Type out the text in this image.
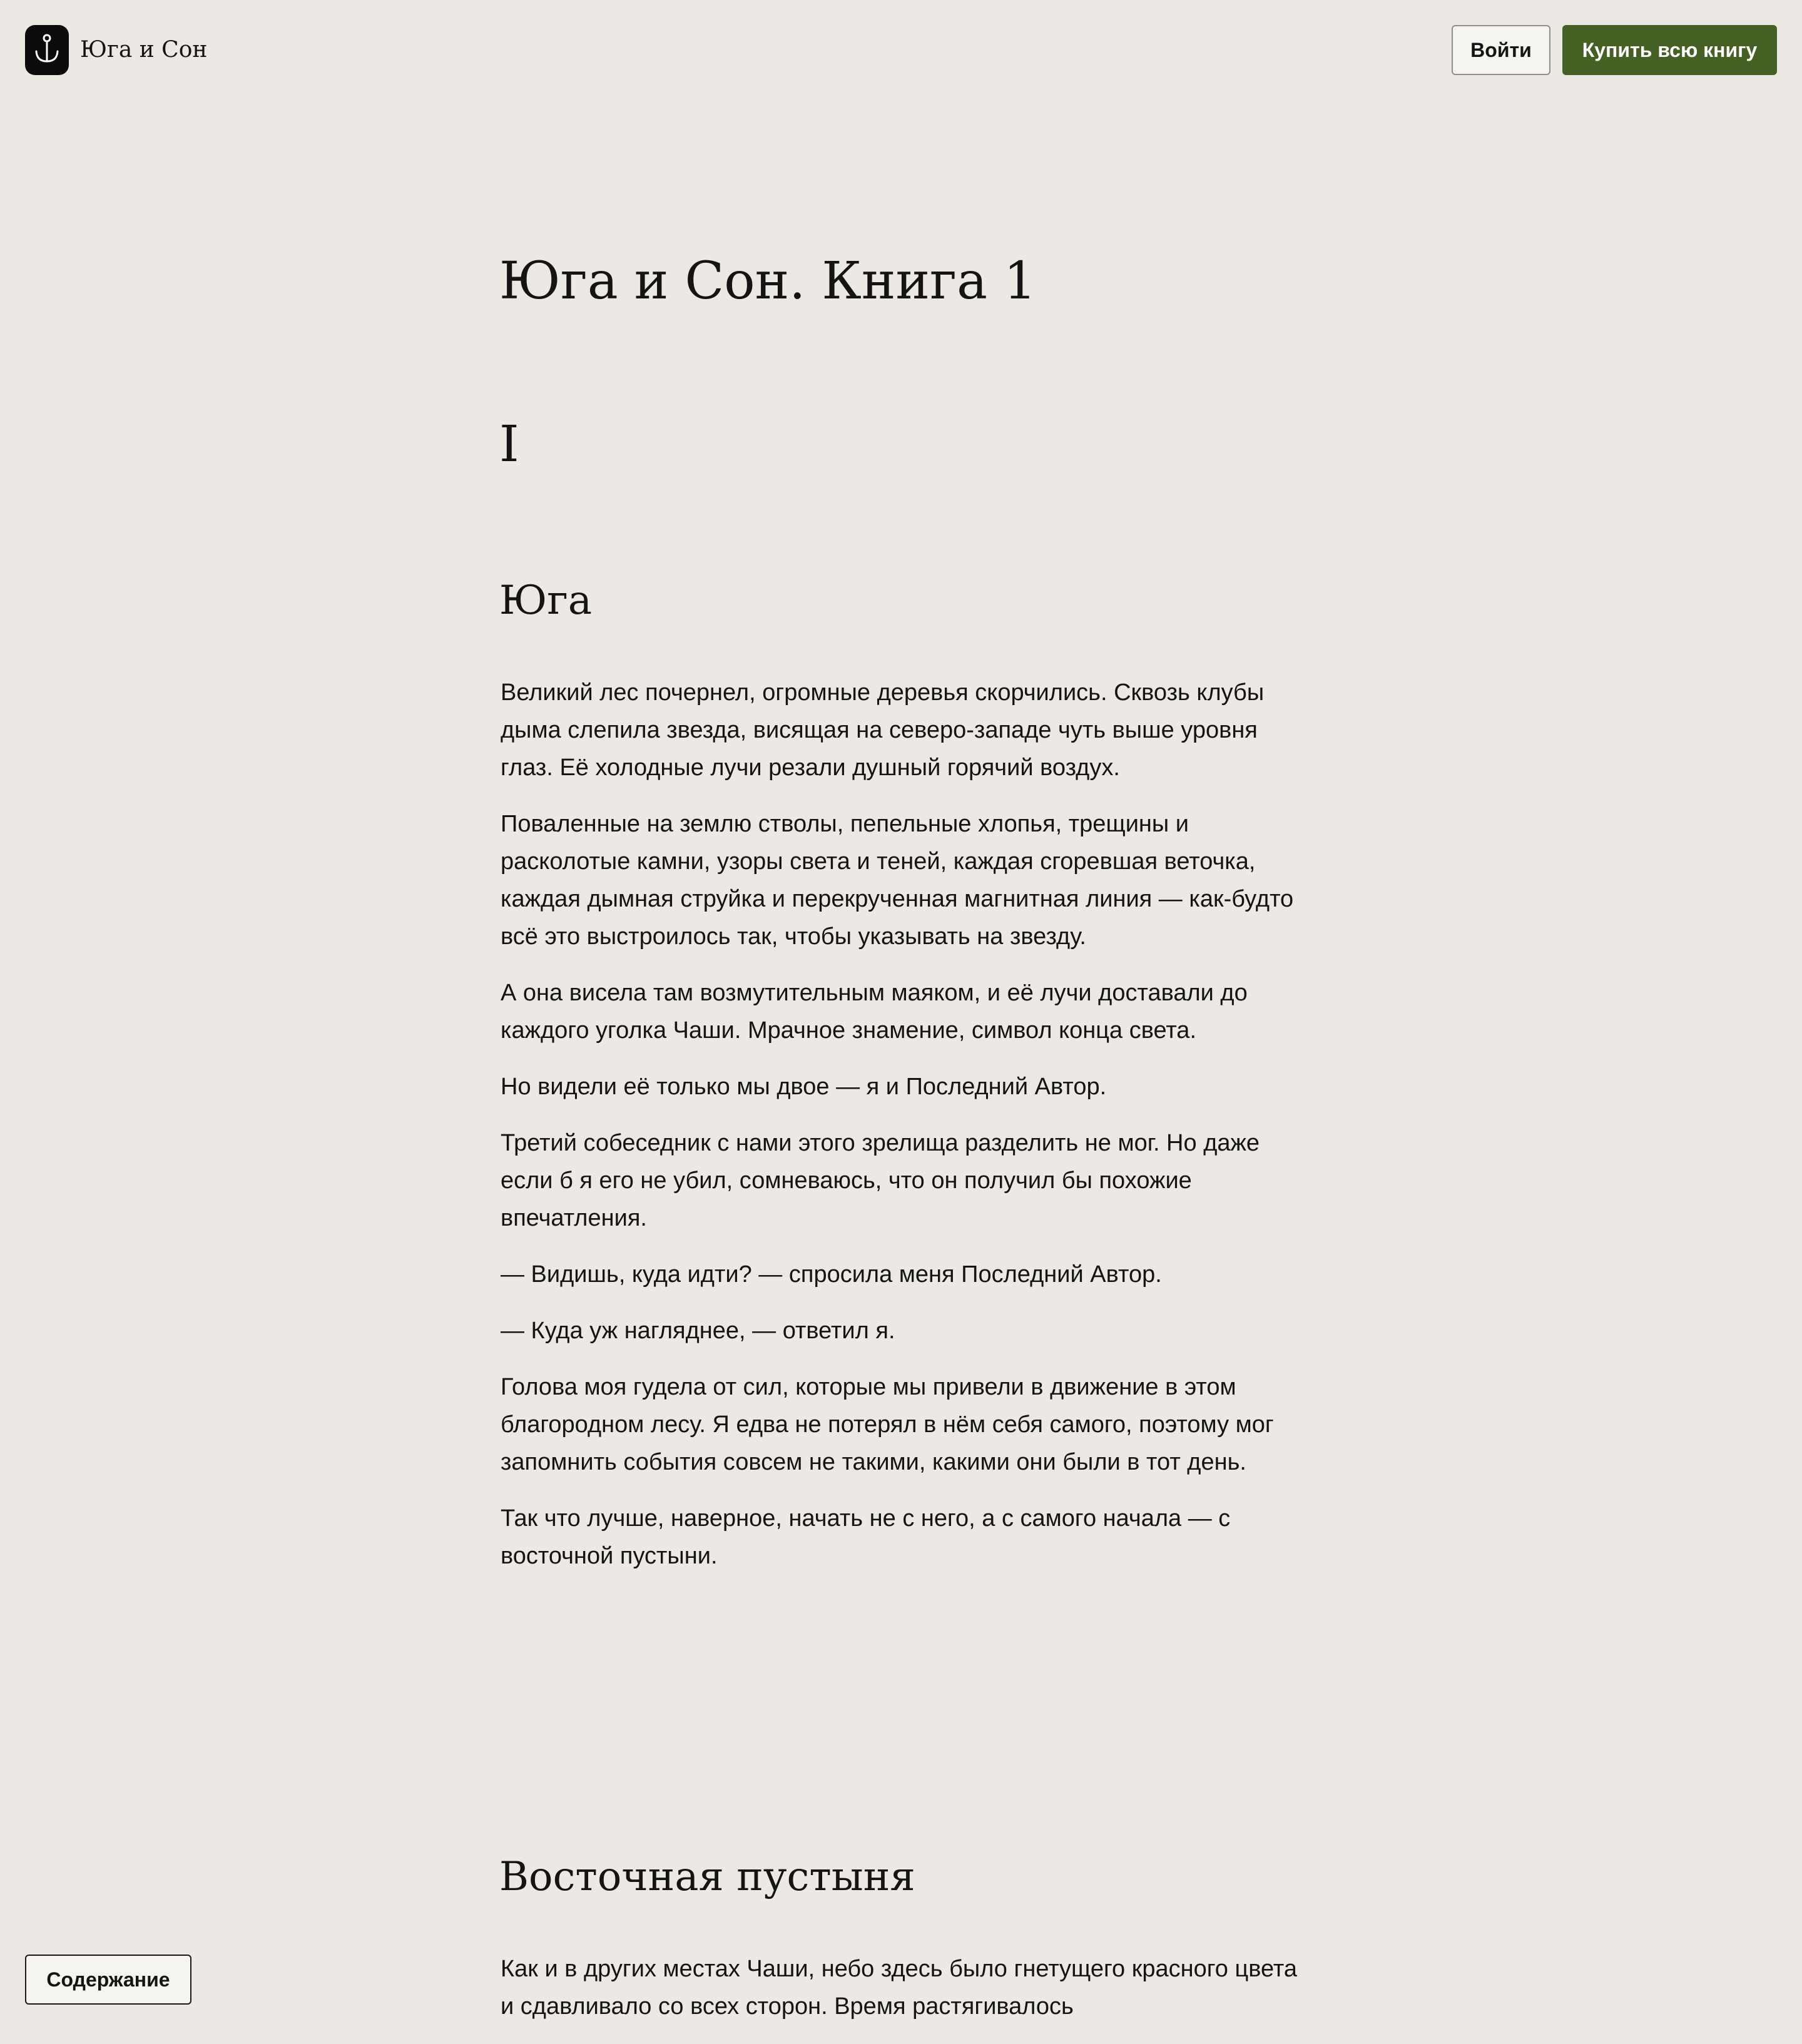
Юга и Сон	Войти	Купить всю книгу
Юга и Сон. Книга 1
I
Юга

Великий лес почернел, огромные деревья скорчились. Сквозь клубы дыма слепила звезда, висящая на северо-западе чуть выше уровня глаз. Её холодные лучи резали душный горячий воздух.

Поваленные на землю стволы, пепельные хлопья, трещины и расколотые камни, узоры света и теней, каждая сгоревшая веточка, каждая дымная струйка и перекрученная магнитная линия — как-будто всё это выстроилось так, чтобы указывать на звезду.

А она висела там возмутительным маяком, и её лучи доставали до каждого уголка Чаши. Мрачное знамение, символ конца света.

Но видели её только мы двое — я и Последний Автор.

Третий собеседник с нами этого зрелища разделить не мог. Но даже если б я его не убил, сомневаюсь, что он получил бы похожие впечатления.

— Видишь, куда идти? — спросила меня Последний Автор.

— Куда уж нагляднее, — ответил я.

Голова моя гудела от сил, которые мы привели в движение в этом благородном лесу. Я едва не потерял в нём себя самого, поэтому мог запомнить события совсем не такими, какими они были в тот день.

Так что лучше, наверное, начать не с него, а с самого начала — с восточной пустыни.

Восточная пустыня

Как и в других местах Чаши, небо здесь было гнетущего красного цвета и сдавливало со всех сторон. Время растягивалось

Содержание
